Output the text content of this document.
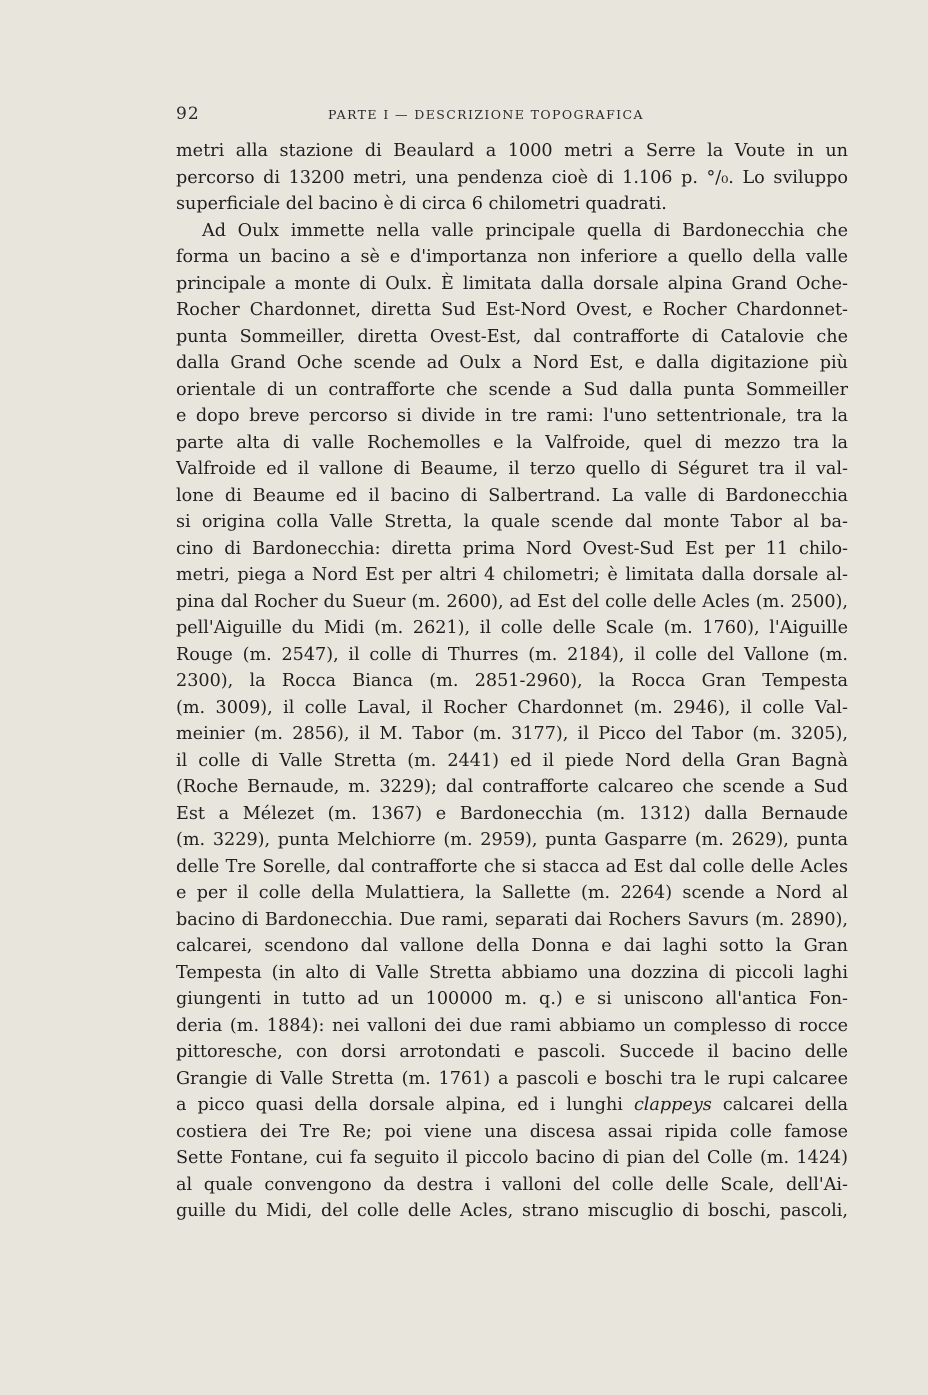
92	PARTE I — DESCRIZIONE TOPOGRAFICA
metri alla stazione di Beaulard a 1000 metri a Serre la Voute in un
percorso di 13200 metri, una pendenza cioè di 1.106 p. °/₀. Lo sviluppo
superficiale del bacino è di circa 6 chilometri quadrati.
Ad Oulx immette nella valle principale quella di Bardonecchia che
forma un bacino a sè e d'importanza non inferiore a quello della valle
principale a monte di Oulx. È limitata dalla dorsale alpina Grand Oche-
Rocher Chardonnet, diretta Sud Est-Nord Ovest, e Rocher Chardonnet-
punta Sommeiller, diretta Ovest-Est, dal contrafforte di Catalovie che
dalla Grand Oche scende ad Oulx a Nord Est, e dalla digitazione più
orientale di un contrafforte che scende a Sud dalla punta Sommeiller
e dopo breve percorso si divide in tre rami: l'uno settentrionale, tra la
parte alta di valle Rochemolles e la Valfroide, quel di mezzo tra la
Valfroide ed il vallone di Beaume, il terzo quello di Séguret tra il val-
lone di Beaume ed il bacino di Salbertrand. La valle di Bardonecchia
si origina colla Valle Stretta, la quale scende dal monte Tabor al ba-
cino di Bardonecchia: diretta prima Nord Ovest-Sud Est per 11 chilo-
metri, piega a Nord Est per altri 4 chilometri; è limitata dalla dorsale al-
pina dal Rocher du Sueur (m. 2600), ad Est del colle delle Acles (m. 2500),
pell'Aiguille du Midi (m. 2621), il colle delle Scale (m. 1760), l'Aiguille
Rouge (m. 2547), il colle di Thurres (m. 2184), il colle del Vallone (m.
2300), la Rocca Bianca (m. 2851-2960), la Rocca Gran Tempesta
(m. 3009), il colle Laval, il Rocher Chardonnet (m. 2946), il colle Val-
meinier (m. 2856), il M. Tabor (m. 3177), il Picco del Tabor (m. 3205),
il colle di Valle Stretta (m. 2441) ed il piede Nord della Gran Bagnà
(Roche Bernaude, m. 3229); dal contrafforte calcareo che scende a Sud
Est a Mélezet (m. 1367) e Bardonecchia (m. 1312) dalla Bernaude
(m. 3229), punta Melchiorre (m. 2959), punta Gasparre (m. 2629), punta
delle Tre Sorelle, dal contrafforte che si stacca ad Est dal colle delle Acles
e per il colle della Mulattiera, la Sallette (m. 2264) scende a Nord al
bacino di Bardonecchia. Due rami, separati dai Rochers Savurs (m. 2890),
calcarei, scendono dal vallone della Donna e dai laghi sotto la Gran
Tempesta (in alto di Valle Stretta abbiamo una dozzina di piccoli laghi
giungenti in tutto ad un 100000 m. q.) e si uniscono all'antica Fon-
deria (m. 1884): nei valloni dei due rami abbiamo un complesso di rocce
pittoresche, con dorsi arrotondati e pascoli. Succede il bacino delle
Grangie di Valle Stretta (m. 1761) a pascoli e boschi tra le rupi calcaree
a picco quasi della dorsale alpina, ed i lunghi clappeys calcarei della
costiera dei Tre Re; poi viene una discesa assai ripida colle famose
Sette Fontane, cui fa seguito il piccolo bacino di pian del Colle (m. 1424)
al quale convengono da destra i valloni del colle delle Scale, dell'Ai-
guille du Midi, del colle delle Acles, strano miscuglio di boschi, pascoli,
